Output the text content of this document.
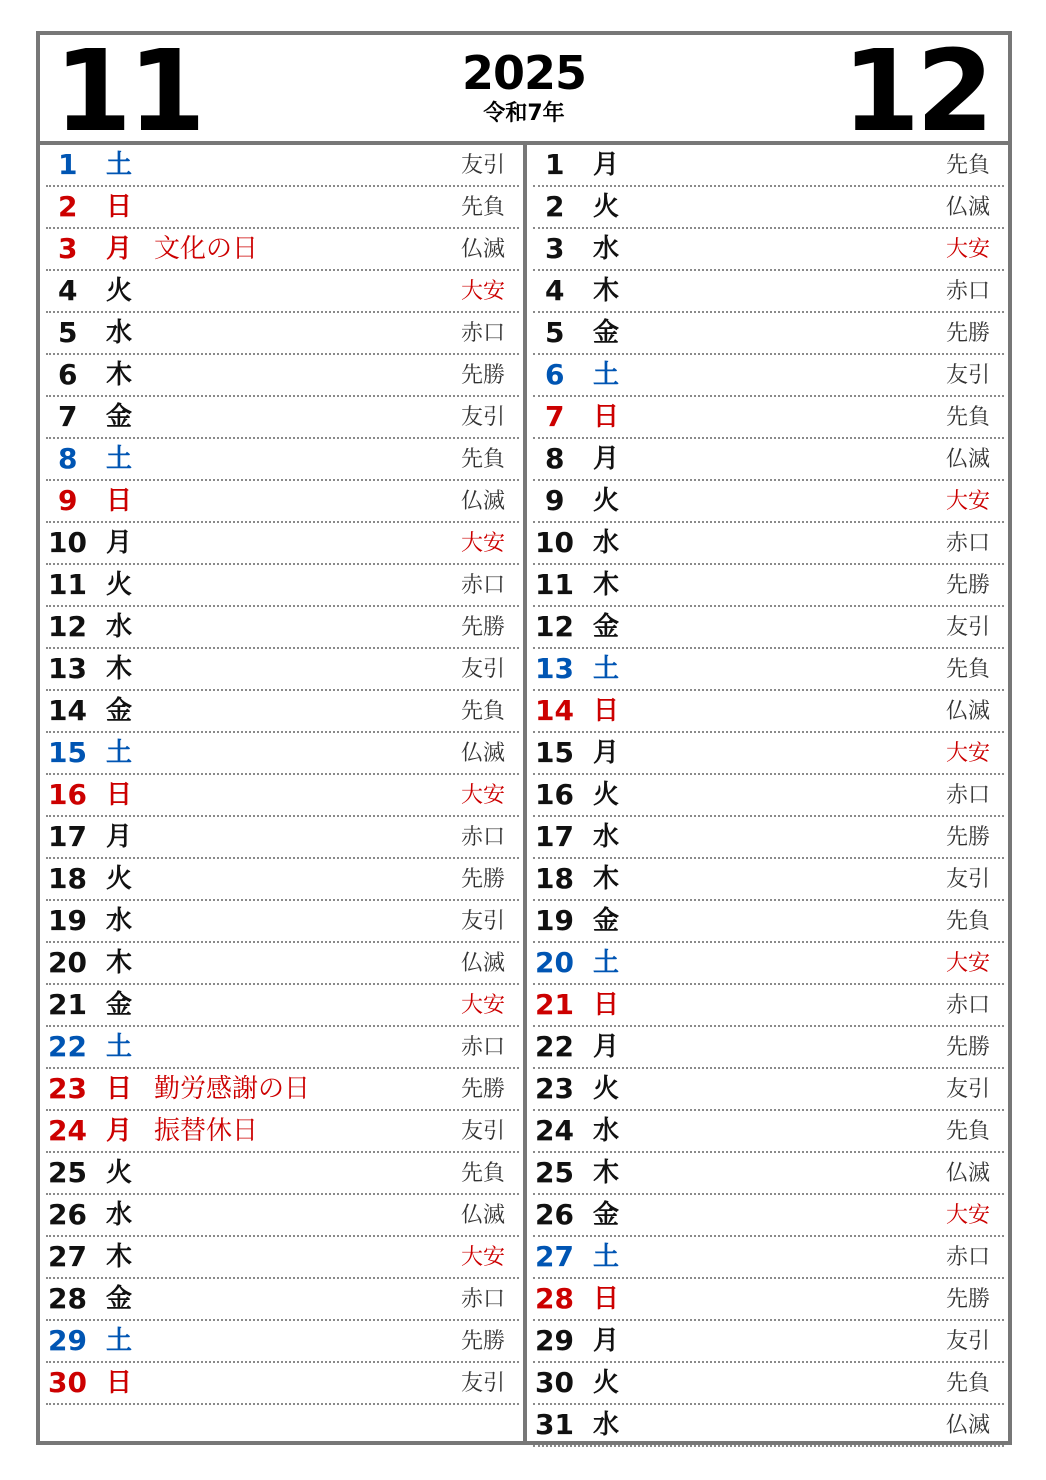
11	2025
令和7年	12
1 土	友引
2 日	先負
3 月 文化の日	仏滅
4 火	大安
5 水	赤口
6 木	先勝
7 金	友引
8 土	先負
9 日	仏滅
10 月	大安
11 火	赤口
12 水	先勝
13 木	友引
14 金	先負
15 土	仏滅
16 日	大安
17 月	赤口
18 火	先勝
19 水	友引
20 木	仏滅
21 金	大安
22 土	赤口
23 日 勤労感謝の日	先勝
24 月 振替休日	友引
25 火	先負
26 水	仏滅
27 木	大安
28 金	赤口
29 土	先勝
30 日	友引
1 月	先負
2 火	仏滅
3 水	大安
4 木	赤口
5 金	先勝
6 土	友引
7 日	先負
8 月	仏滅
9 火	大安
10 水	赤口
11 木	先勝
12 金	友引
13 土	先負
14 日	仏滅
15 月	大安
16 火	赤口
17 水	先勝
18 木	友引
19 金	先負
20 土	大安
21 日	赤口
22 月	先勝
23 火	友引
24 水	先負
25 木	仏滅
26 金	大安
27 土	赤口
28 日	先勝
29 月	友引
30 火	先負
31 水	仏滅
